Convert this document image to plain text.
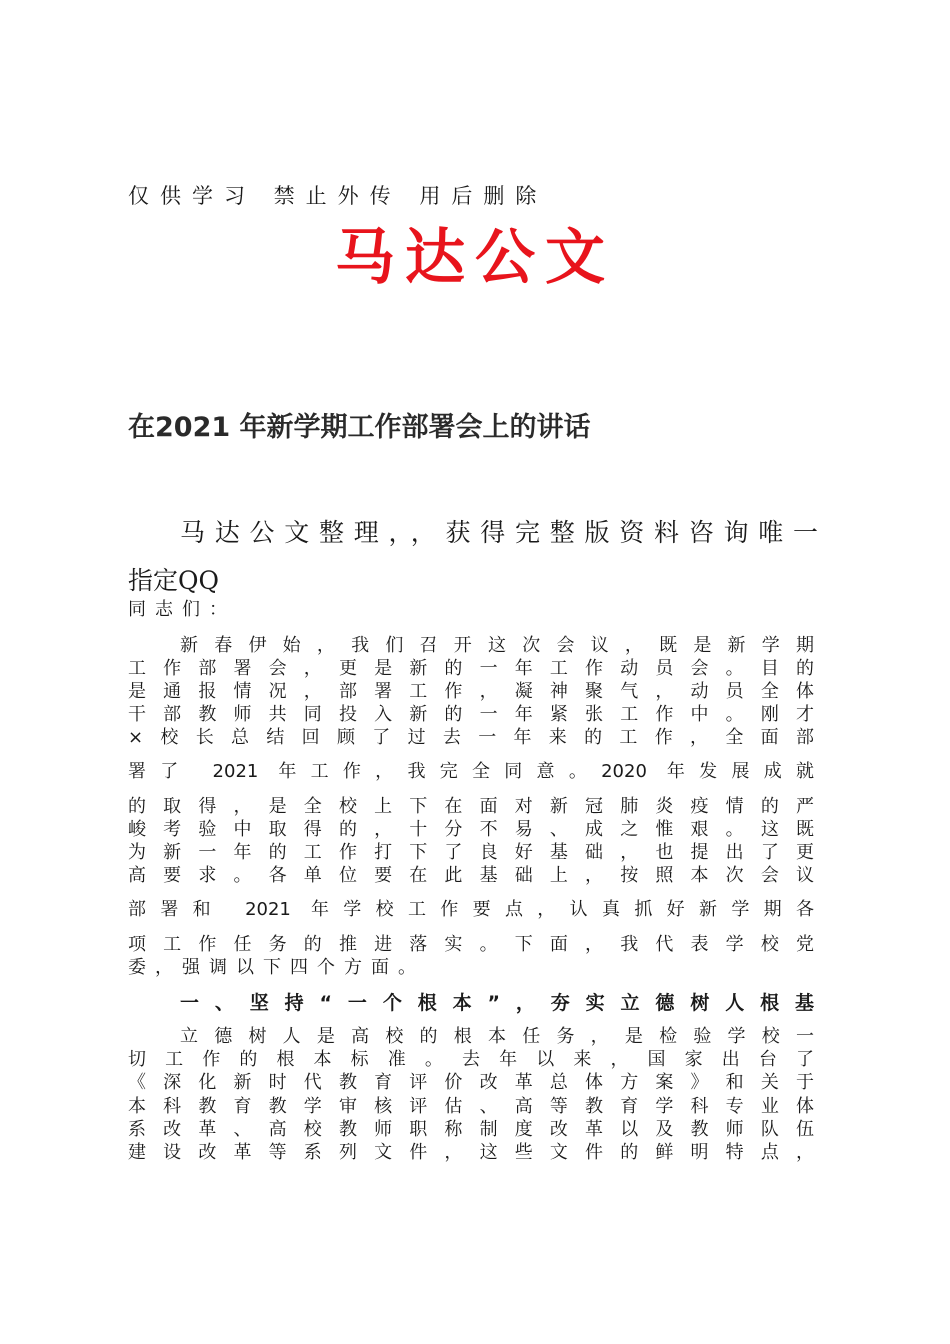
仅供学习 禁止外传 用后删除
马达公文
在2021 年新学期工作部署会上的讲话
马达公文整理，，获得完整版资料咨询唯一
指定QQ
同志们：
新春伊始，我们召开这次会议，既是新学期
工作部署会，更是新的一年工作动员会。目的
是通报情况，部署工作，凝神聚气，动员全体
干部教师共同投入新的一年紧张工作中。刚才
×校长总结回顾了过去一年来的工作，全面部
署了 2021 年工作，我完全同意。2020 年发展成就
的取得，是全校上下在面对新冠肺炎疫情的严
峻考验中取得的，十分不易、成之惟艰。这既
为新一年的工作打下了良好基础，也提出了更
高要求。各单位要在此基础上，按照本次会议
部署和 2021 年学校工作要点，认真抓好新学期各
项工作任务的推进落实。下面，我代表学校党
委，强调以下四个方面。
一、坚持“一个根本”，夯实立德树人根基
立德树人是高校的根本任务，是检验学校一
切工作的根本标准。去年以来，国家出台了
《深化新时代教育评价改革总体方案》和关于
本科教育教学审核评估、高等教育学科专业体
系改革、高校教师职称制度改革以及教师队伍
建设改革等系列文件，这些文件的鲜明特点，
